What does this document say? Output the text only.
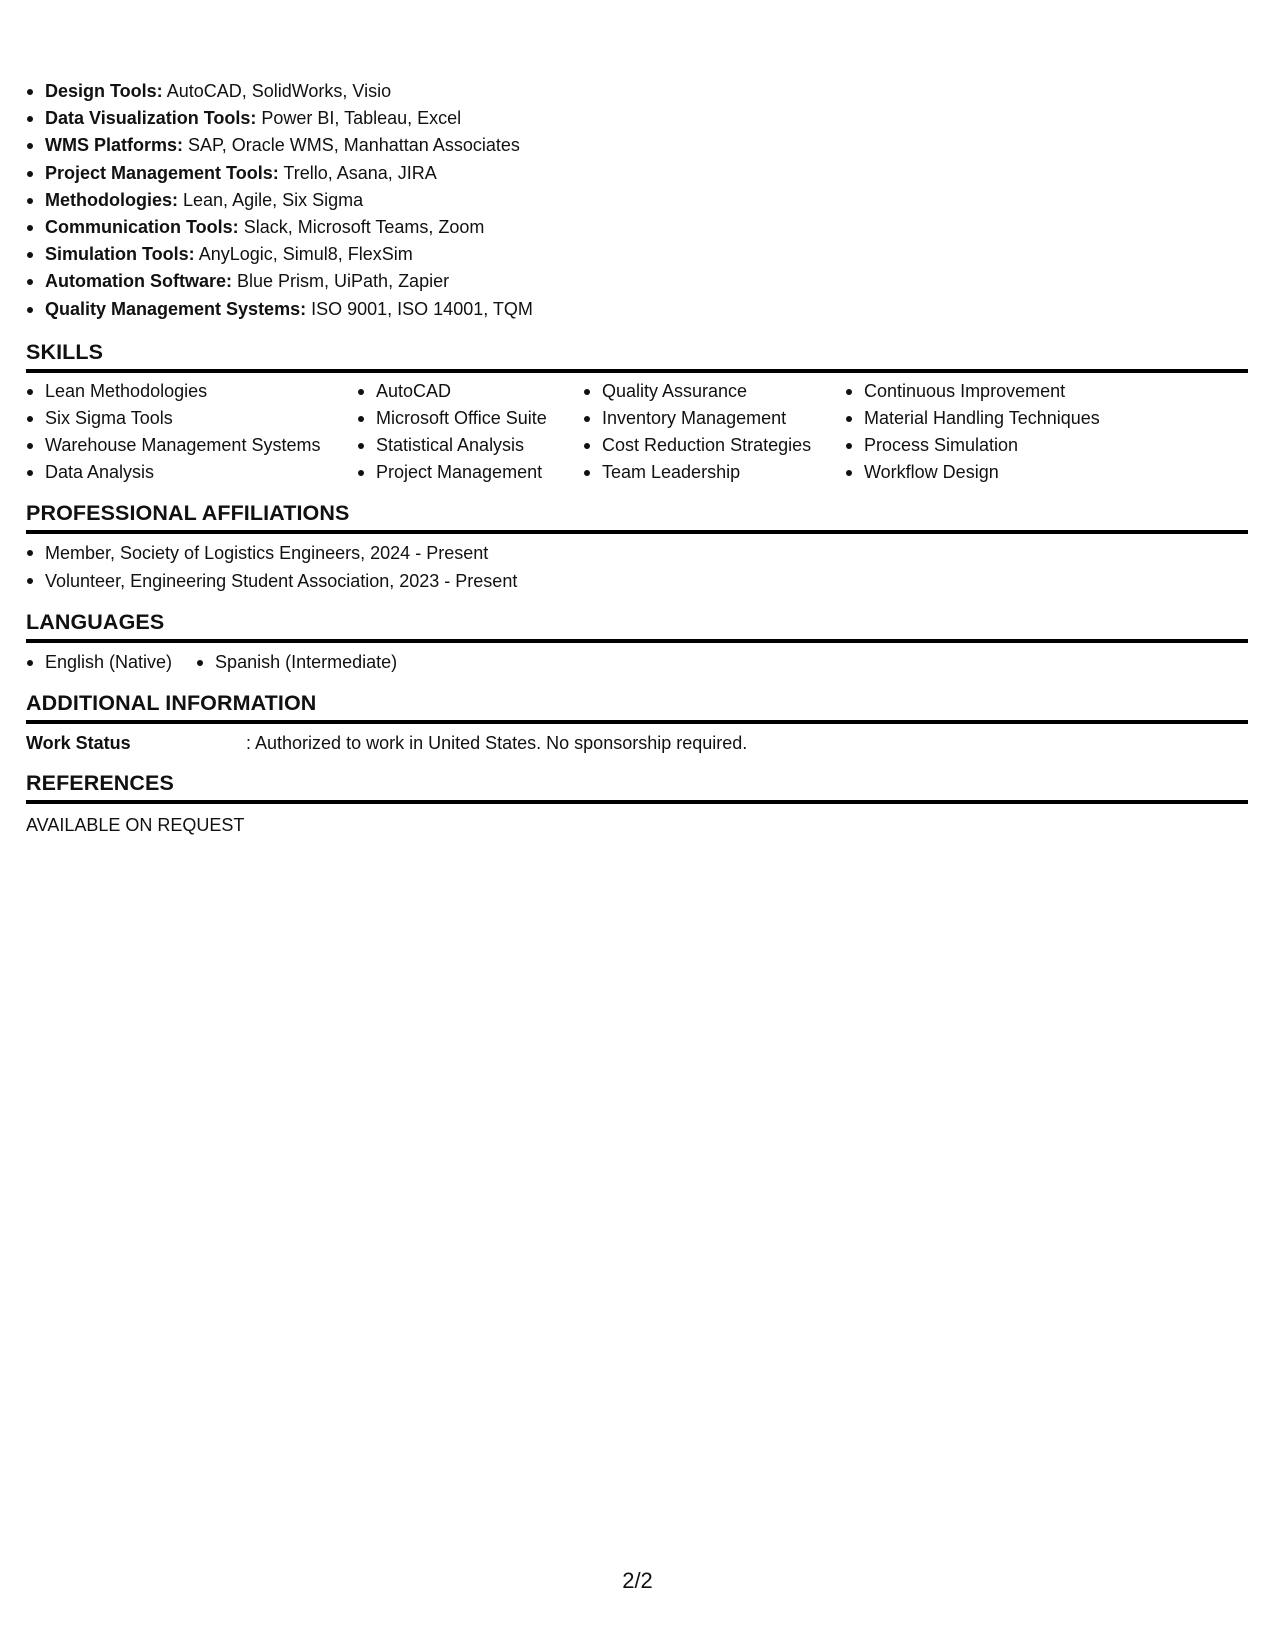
Design Tools: AutoCAD, SolidWorks, Visio
Data Visualization Tools: Power BI, Tableau, Excel
WMS Platforms: SAP, Oracle WMS, Manhattan Associates
Project Management Tools: Trello, Asana, JIRA
Methodologies: Lean, Agile, Six Sigma
Communication Tools: Slack, Microsoft Teams, Zoom
Simulation Tools: AnyLogic, Simul8, FlexSim
Automation Software: Blue Prism, UiPath, Zapier
Quality Management Systems: ISO 9001, ISO 14001, TQM
SKILLS
Lean Methodologies
Six Sigma Tools
Warehouse Management Systems
Data Analysis
AutoCAD
Microsoft Office Suite
Statistical Analysis
Project Management
Quality Assurance
Inventory Management
Cost Reduction Strategies
Team Leadership
Continuous Improvement
Material Handling Techniques
Process Simulation
Workflow Design
PROFESSIONAL AFFILIATIONS
Member, Society of Logistics Engineers, 2024 - Present
Volunteer, Engineering Student Association, 2023 - Present
LANGUAGES
English (Native)	Spanish (Intermediate)
ADDITIONAL INFORMATION
Work Status	: Authorized to work in United States. No sponsorship required.
REFERENCES
AVAILABLE ON REQUEST
2/2
